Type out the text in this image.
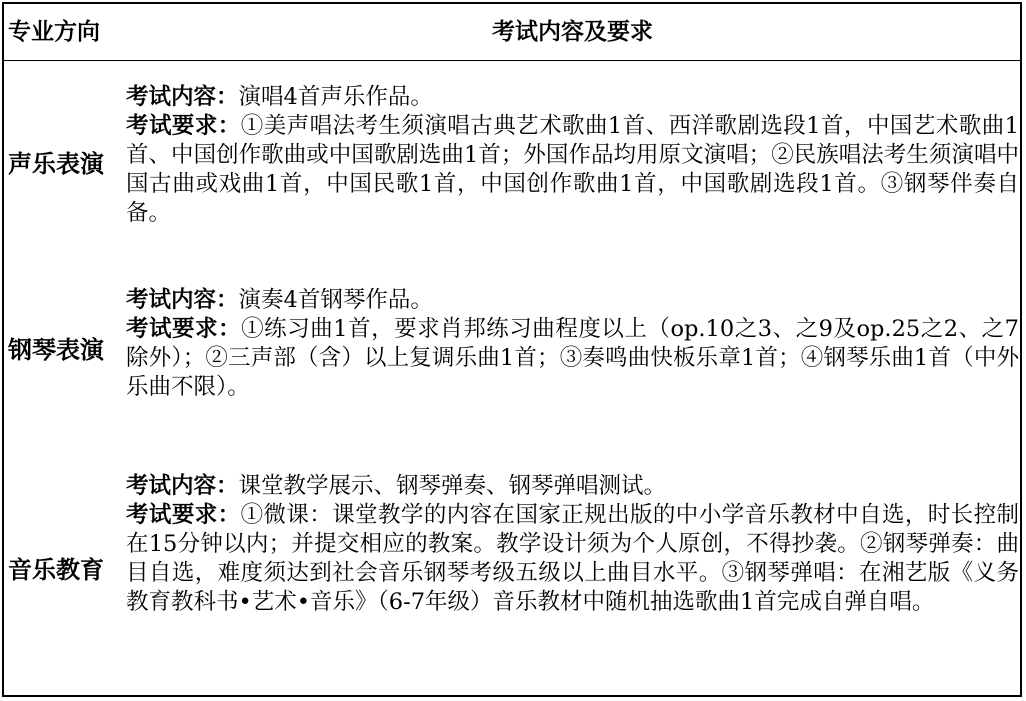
专业方向	考试内容及要求
声乐表演

考试内容：演唱4首声乐作品。

考试要求：①美声唱法考生须演唱古典艺术歌曲1首、西洋歌剧选段1首，中国艺术歌曲1首、中国创作歌曲或中国歌剧选曲1首；外国作品均用原文演唱；②民族唱法考生须演唱中国古曲或戏曲1首，中国民歌1首，中国创作歌曲1首，中国歌剧选段1首。③钢琴伴奏自备。

钢琴表演

考试内容：演奏4首钢琴作品。

考试要求：①练习曲1首，要求肖邦练习曲程度以上（op.10之3、之9及op.25之2、之7除外）；②三声部（含）以上复调乐曲1首；③奏鸣曲快板乐章1首；④钢琴乐曲1首（中外乐曲不限）。

音乐教育

考试内容：课堂教学展示、钢琴弹奏、钢琴弹唱测试。

考试要求：①微课：课堂教学的内容在国家正规出版的中小学音乐教材中自选，时长控制在15分钟以内；并提交相应的教案。教学设计须为个人原创，不得抄袭。②钢琴弹奏：曲目自选，难度须达到社会音乐钢琴考级五级以上曲目水平。③钢琴弹唱：在湘艺版《义务教育教科书•艺术•音乐》（6-7年级）音乐教材中随机抽选歌曲1首完成自弹自唱。
